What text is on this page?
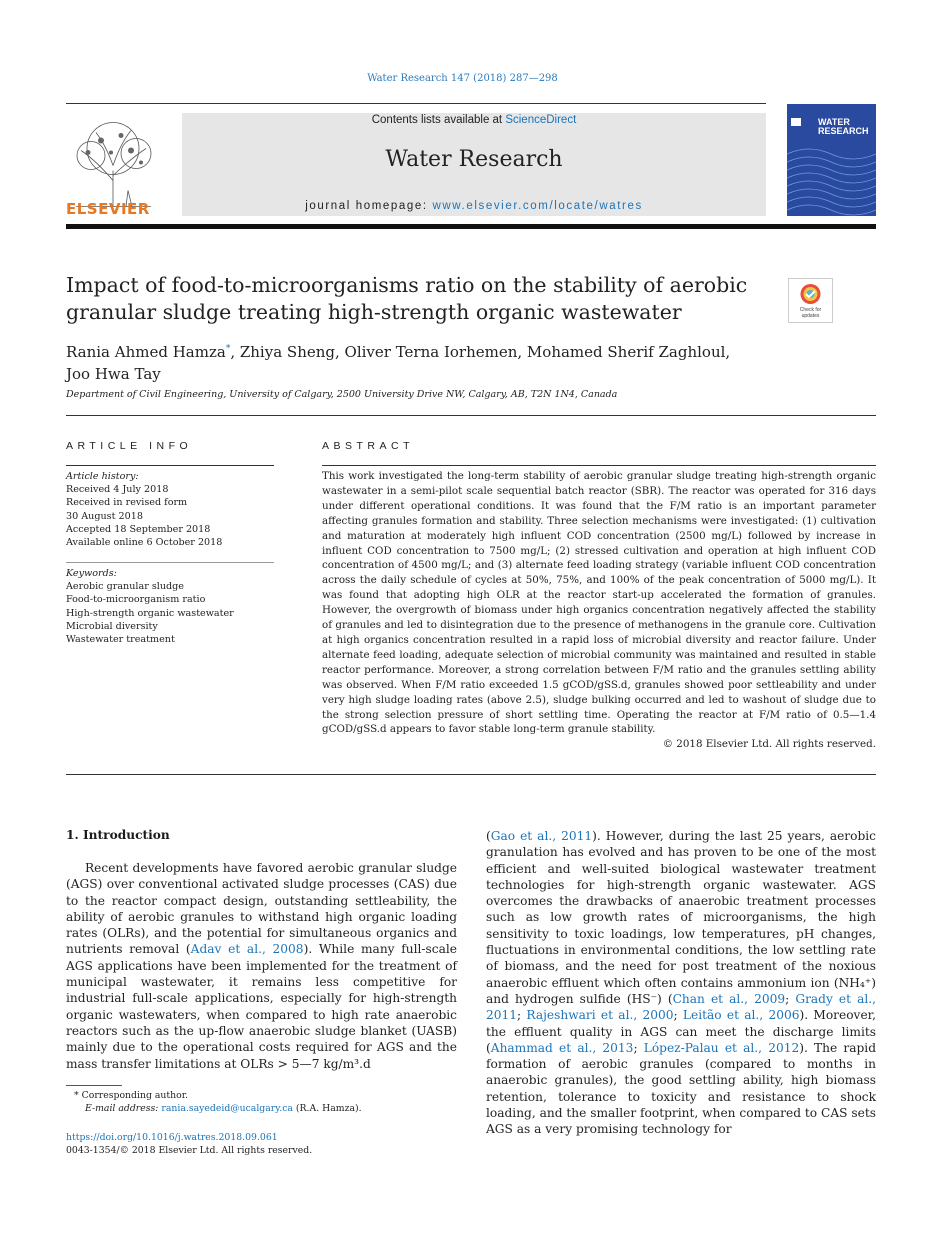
Water Research 147 (2018) 287—298
ELSEVIER
Contents lists available at ScienceDirect
Water Research
journal homepage: www.elsevier.com/locate/watres
WATER
RESEARCH
Impact of food-to-microorganisms ratio on the stability of aerobic
granular sludge treating high-strength organic wastewater	Check for
updates
Rania Ahmed Hamza*, Zhiya Sheng, Oliver Terna Iorhemen, Mohamed Sherif Zaghloul,
Joo Hwa Tay
Department of Civil Engineering, University of Calgary, 2500 University Drive NW, Calgary, AB, T2N 1N4, Canada
ARTICLE INFO
Article history:
Received 4 July 2018
Received in revised form
30 August 2018
Accepted 18 September 2018
Available online 6 October 2018
Keywords:
Aerobic granular sludge
Food-to-microorganism ratio
High-strength organic wastewater
Microbial diversity
Wastewater treatment
ABSTRACT
This work investigated the long-term stability of aerobic granular sludge treating high-strength organic wastewater in a semi-pilot scale sequential batch reactor (SBR). The reactor was operated for 316 days under different operational conditions. It was found that the F/M ratio is an important parameter affecting granules formation and stability. Three selection mechanisms were investigated: (1) cultivation and maturation at moderately high influent COD concentration (2500 mg/L) followed by increase in influent COD concentration to 7500 mg/L; (2) stressed cultivation and operation at high influent COD concentration of 4500 mg/L; and (3) alternate feed loading strategy (variable influent COD concentration across the daily schedule of cycles at 50%, 75%, and 100% of the peak concentration of 5000 mg/L). It was found that adopting high OLR at the reactor start-up accelerated the formation of granules. However, the overgrowth of biomass under high organics concentration negatively affected the stability of granules and led to disintegration due to the presence of methanogens in the granule core. Cultivation at high organics concentration resulted in a rapid loss of microbial diversity and reactor failure. Under alternate feed loading, adequate selection of microbial community was maintained and resulted in stable reactor performance. Moreover, a strong correlation between F/M ratio and the granules settling ability was observed. When F/M ratio exceeded 1.5 gCOD/gSS.d, granules showed poor settleability and under very high sludge loading rates (above 2.5), sludge bulking occurred and led to washout of sludge due to the strong selection pressure of short settling time. Operating the reactor at F/M ratio of 0.5—1.4 gCOD/gSS.d appears to favor stable long-term granule stability.
© 2018 Elsevier Ltd. All rights reserved.
1. Introduction
Recent developments have favored aerobic granular sludge (AGS) over conventional activated sludge processes (CAS) due to the reactor compact design, outstanding settleability, the ability of aerobic granules to withstand high organic loading rates (OLRs), and the potential for simultaneous organics and nutrients removal (Adav et al., 2008). While many full-scale AGS applications have been implemented for the treatment of municipal wastewater, it remains less competitive for industrial full-scale applications, especially for high-strength organic wastewaters, when compared to high rate anaerobic reactors such as the up-flow anaerobic sludge blanket (UASB) mainly due to the operational costs required for AGS and the mass transfer limitations at OLRs > 5—7 kg/m³.d
(Gao et al., 2011). However, during the last 25 years, aerobic granulation has evolved and has proven to be one of the most efficient and well-suited biological wastewater treatment technologies for high-strength organic wastewater. AGS overcomes the drawbacks of anaerobic treatment processes such as low growth rates of microorganisms, the high sensitivity to toxic loadings, low temperatures, pH changes, fluctuations in environmental conditions, the low settling rate of biomass, and the need for post treatment of the noxious anaerobic effluent which often contains ammonium ion (NH₄⁺) and hydrogen sulfide (HS⁻) (Chan et al., 2009; Grady et al., 2011; Rajeshwari et al., 2000; Leitão et al., 2006). Moreover, the effluent quality in AGS can meet the discharge limits (Ahammad et al., 2013; López-Palau et al., 2012). The rapid formation of aerobic granules (compared to months in anaerobic granules), the good settling ability, high biomass retention, tolerance to toxicity and resistance to shock loading, and the smaller footprint, when compared to CAS sets AGS as a very promising technology for
* Corresponding author.
E-mail address: rania.sayedeid@ucalgary.ca (R.A. Hamza).
https://doi.org/10.1016/j.watres.2018.09.061
0043-1354/© 2018 Elsevier Ltd. All rights reserved.
